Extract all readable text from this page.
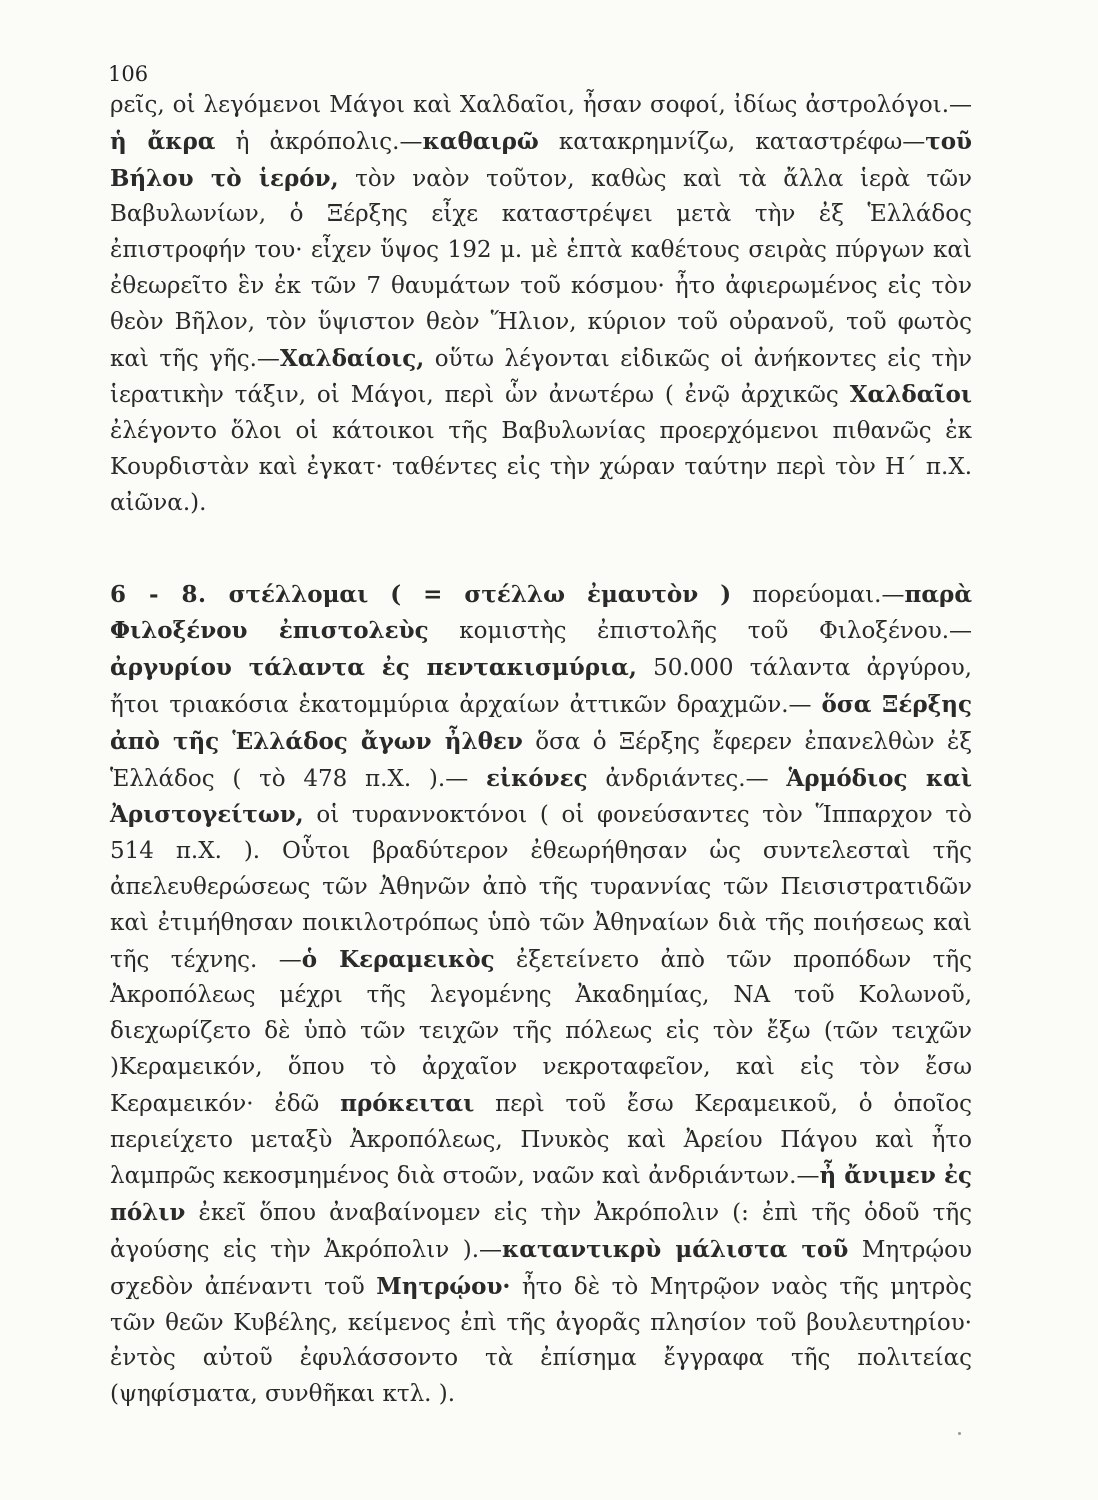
106

ρεῖς, οἱ λεγόμενοι Μάγοι καὶ Χαλδαῖοι, ἦσαν σοφοί, ἰδίως ἀστρολόγοι.—ἡ ἄκρα ἡ ἀκρόπολις.—καθαιρῶ κατακρημνίζω, καταστρέφω—τοῦ Βήλου τὸ ἱερόν, τὸν ναὸν τοῦτον, καθὼς καὶ τὰ ἄλλα ἱερὰ τῶν Βαβυλωνίων, ὁ Ξέρξης εἶχε καταστρέψει μετὰ τὴν ἐξ Ἑλλάδος ἐπιστροφήν του· εἶχεν ὕψος 192 μ. μὲ ἑπτὰ καθέτους σειρὰς πύργων καὶ ἐθεωρεῖτο ἓν ἐκ τῶν 7 θαυμάτων τοῦ κόσμου· ἦτο ἀφιερωμένος εἰς τὸν θεὸν Βῆλον, τὸν ὕψιστον θεὸν Ἥλιον, κύριον τοῦ οὐρανοῦ, τοῦ φωτὸς καὶ τῆς γῆς.—Χαλδαίοις, οὕτω λέγονται εἰδικῶς οἱ ἀνήκοντες εἰς τὴν ἱερατικὴν τάξιν, οἱ Μάγοι, περὶ ὧν ἀνωτέρω ( ἐνῷ ἀρχικῶς Χαλδαῖοι ἐλέγοντο ὅλοι οἱ κάτοικοι τῆς Βαβυλωνίας προερχόμενοι πιθανῶς ἐκ Κουρδιστὰν καὶ ἐγκατ· ταθέντες εἰς τὴν χώραν ταύτην περὶ τὸν Η΄ π.Χ. αἰῶνα.).

6 - 8. στέλλομαι ( = στέλλω ἐμαυτὸν ) πορεύομαι.—παρὰ Φιλοξένου ἐπιστολεὺς κομιστὴς ἐπιστολῆς τοῦ Φιλοξένου.— ἀργυρίου τάλαντα ἐς πεντακισμύρια, 50.000 τάλαντα ἀργύρου, ἤτοι τριακόσια ἑκατομμύρια ἀρχαίων ἀττικῶν δραχμῶν.— ὅσα Ξέρξης ἀπὸ τῆς Ἑλλάδος ἄγων ἦλθεν ὅσα ὁ Ξέρξης ἔφερεν ἐπανελθὼν ἐξ Ἑλλάδος ( τὸ 478 π.Χ. ).— εἰκόνες ἀνδριάντες.— Ἁρμόδιος καὶ Ἀριστογείτων, οἱ τυραννοκτόνοι ( οἱ φονεύσαντες τὸν Ἵππαρχον τὸ 514 π.Χ. ). Οὗτοι βραδύτερον ἐθεωρήθησαν ὡς συντελεσταὶ τῆς ἀπελευθερώσεως τῶν Ἀθηνῶν ἀπὸ τῆς τυραννίας τῶν Πεισιστρατιδῶν καὶ ἐτιμήθησαν ποικιλοτρόπως ὑπὸ τῶν Ἀθηναίων διὰ τῆς ποιήσεως καὶ τῆς τέχνης. —ὁ Κεραμεικὸς ἐξετείνετο ἀπὸ τῶν προπόδων τῆς Ἀκροπόλεως μέχρι τῆς λεγομένης Ἀκαδημίας, ΝΑ τοῦ Κολωνοῦ, διεχωρίζετο δὲ ὑπὸ τῶν τειχῶν τῆς πόλεως εἰς τὸν ἔξω (τῶν τειχῶν )Κεραμεικόν, ὅπου τὸ ἀρχαῖον νεκροταφεῖον, καὶ εἰς τὸν ἔσω Κεραμεικόν· ἐδῶ πρόκειται περὶ τοῦ ἔσω Κεραμεικοῦ, ὁ ὁποῖος περιείχετο μεταξὺ Ἀκροπόλεως, Πνυκὸς καὶ Ἀρείου Πάγου καὶ ἦτο λαμπρῶς κεκοσμημένος διὰ στοῶν, ναῶν καὶ ἀνδριάντων.—ἦ ἄνιμεν ἐς πόλιν ἐκεῖ ὅπου ἀναβαίνομεν εἰς τὴν Ἀκρόπολιν (: ἐπὶ τῆς ὁδοῦ τῆς ἀγούσης εἰς τὴν Ἀκρόπολιν ).—καταντικρὺ μάλιστα τοῦ Μητρῴου σχεδὸν ἀπέναντι τοῦ Μητρῴου· ἦτο δὲ τὸ Μητρῷον ναὸς τῆς μητρὸς τῶν θεῶν Κυβέλης, κείμενος ἐπὶ τῆς ἀγορᾶς πλησίον τοῦ βουλευτηρίου· ἐντὸς αὐτοῦ ἐφυλάσσοντο τὰ ἐπίσημα ἔγγραφα τῆς πολιτείας (ψηφίσματα, συνθῆκαι κτλ. ).
